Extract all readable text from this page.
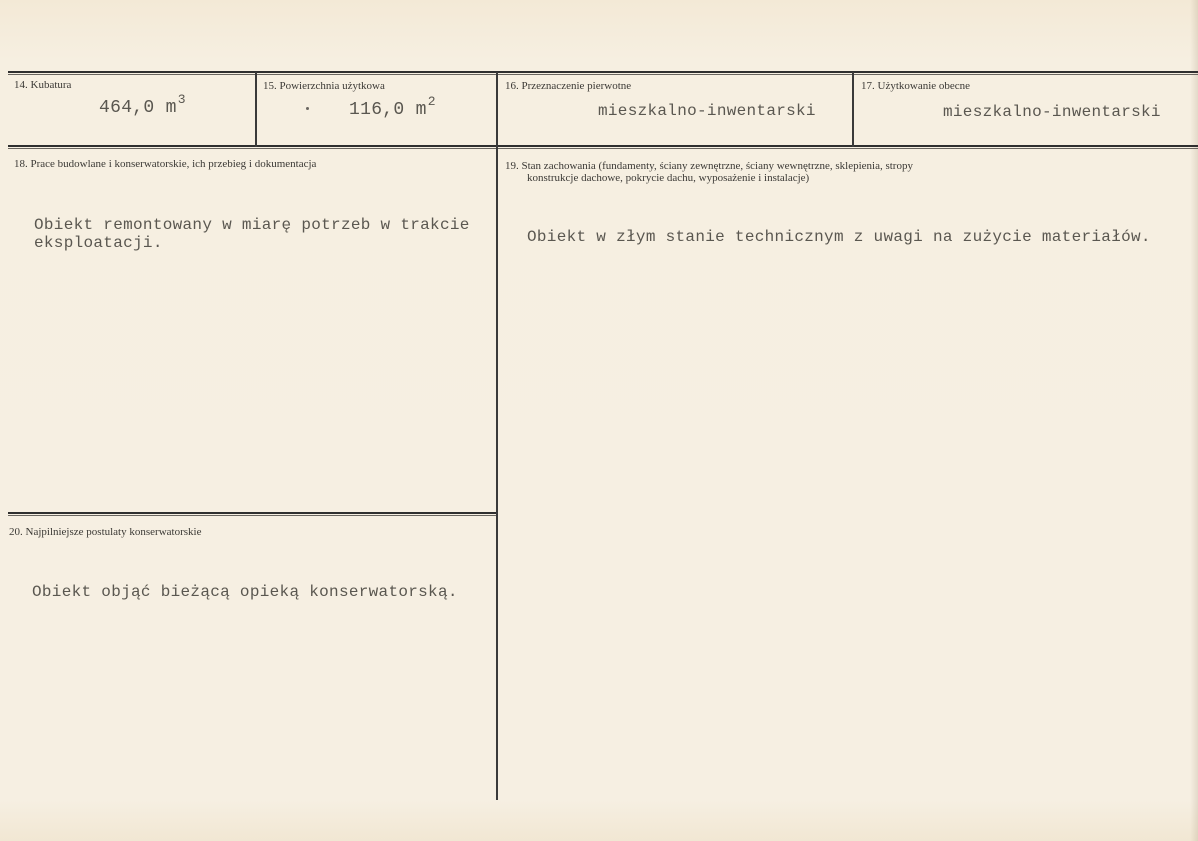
14. Kubatura
464,0 $m^3$
15. Powierzchnia użytkowa
116,0 $m^2$
16. Przeznaczenie pierwotne
mieszkalno-inwentarski
17. Użytkowanie obecne
mieszkalno-inwentarski
18. Prace budowlane i konserwatorskie, ich przebieg i dokumentacja
Obiekt remontowany w miarę potrzeb w trakcie
eksploatacji.
19. Stan zachowania (fundamenty, ściany zewnętrzne, ściany wewnętrzne, sklepienia, stropy
konstrukcje dachowe, pokrycie dachu, wyposażenie i instalacje)
Obiekt w złym stanie technicznym z uwagi na zużycie materiałów.
20. Najpilniejsze postulaty konserwatorskie
Obiekt objąć bieżącą opieką konserwatorską.
